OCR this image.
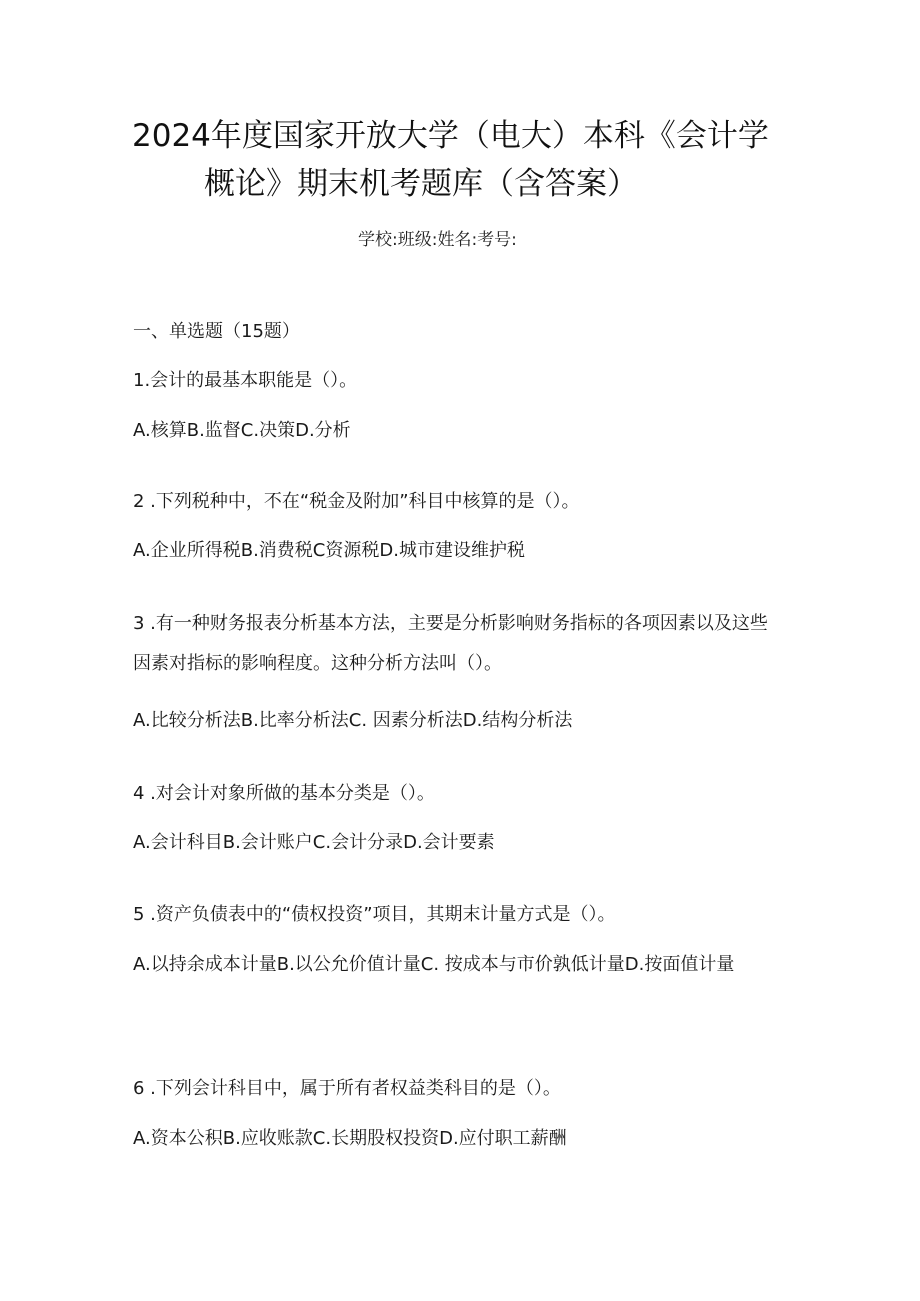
2024年度国家开放大学（电大）本科《会计学
概论》期末机考题库（含答案）
学校:班级:姓名:考号:
一、单选题（15题）

1.会计的最基本职能是（）。

A.核算B.监督C.决策D.分析

2 .下列税种中，不在“税金及附加”科目中核算的是（）。

A.企业所得税B.消费税C资源税D.城市建设维护税

3 .有一种财务报表分析基本方法，主要是分析影响财务指标的各项因素以及这些因素对指标的影响程度。这种分析方法叫（）。

A.比较分析法B.比率分析法C. 因素分析法D.结构分析法

4 .对会计对象所做的基本分类是（）。

A.会计科目B.会计账户C.会计分录D.会计要素

5 .资产负债表中的“债权投资”项目，其期末计量方式是（）。

A.以持余成本计量B.以公允价值计量C. 按成本与市价孰低计量D.按面值计量

6 .下列会计科目中，属于所有者权益类科目的是（）。

A.资本公积B.应收账款C.长期股权投资D.应付职工薪酬
